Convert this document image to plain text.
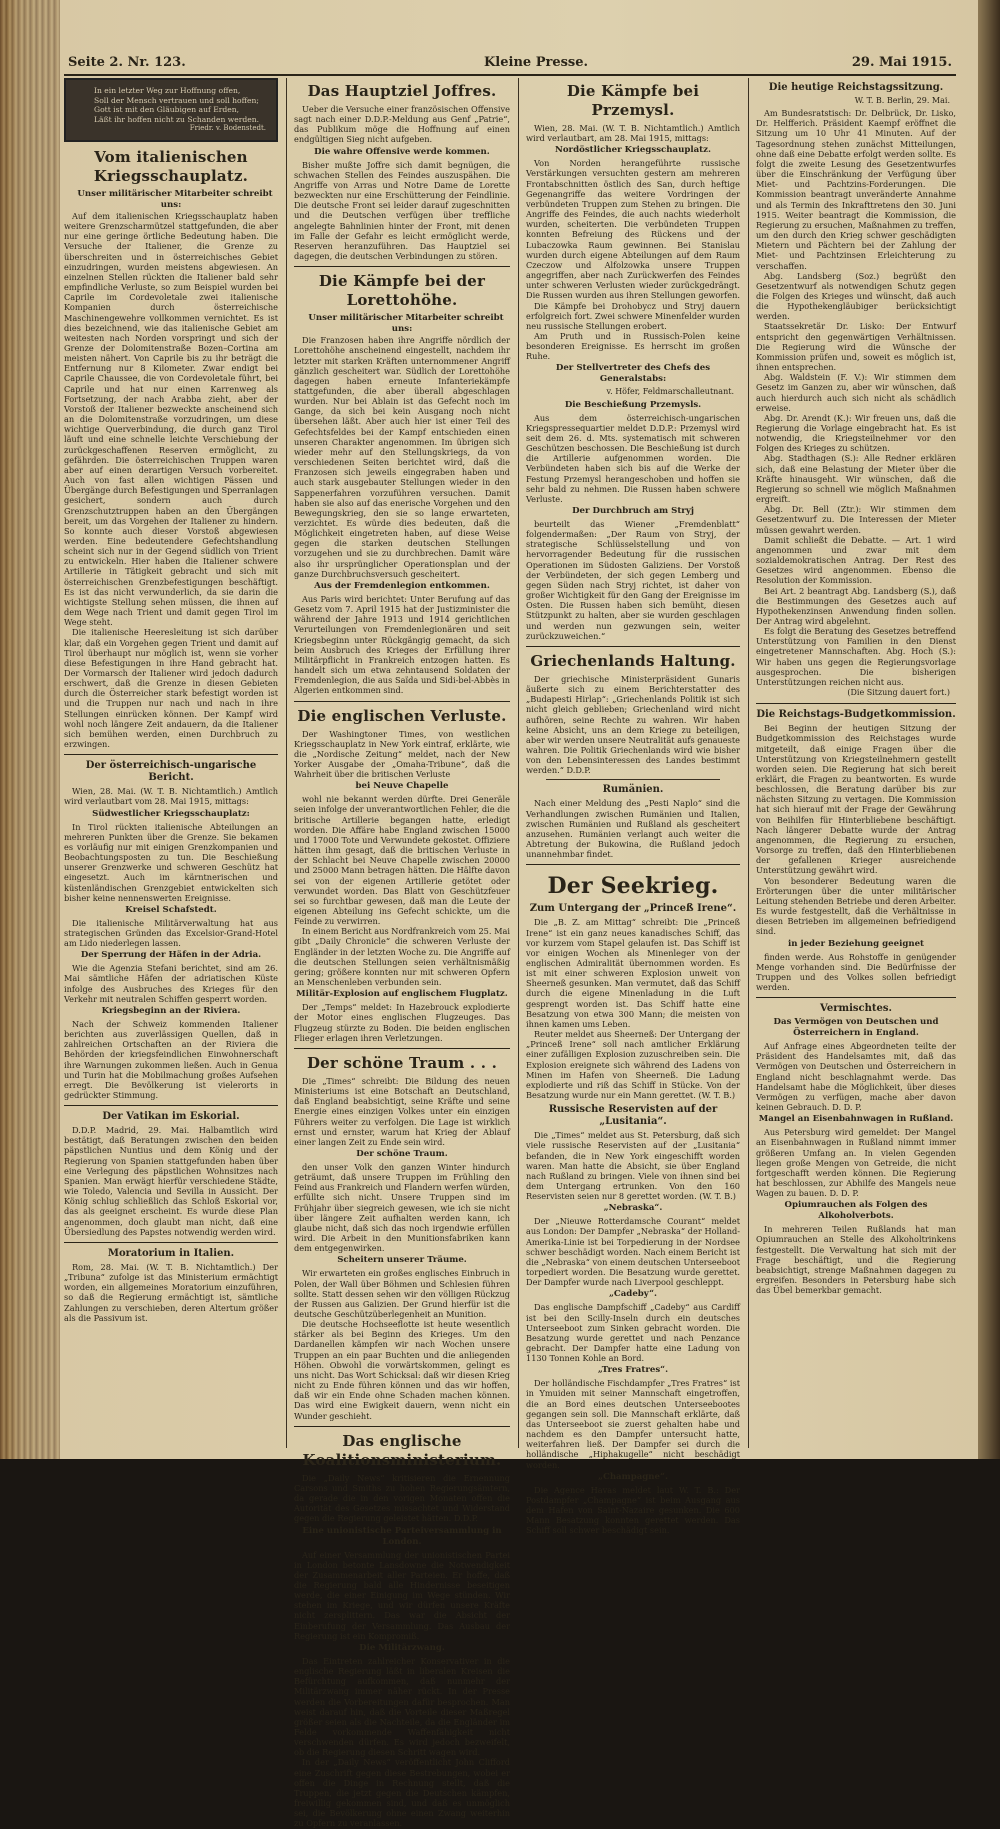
Seite 2. Nr. 123.	Kleine Presse.	29. Mai 1915.
In ein letzter Weg zur Hoffnung offen,
Soll der Mensch vertrauen und soll hoffen;
Gott ist mit den Gläubigen auf Erden,
Läßt ihr hoffen nicht zu Schanden werden.
Friedr. v. Bodenstedt.
Vom italienischen Kriegsschauplatz.

Unser militärischer Mitarbeiter schreibt uns:

Auf dem italienischen Kriegsschauplatz haben weitere Grenzscharmützel stattgefunden, die aber nur eine geringe örtliche Bedeutung haben. Die Versuche der Italiener, die Grenze zu überschreiten und in österreichisches Gebiet einzudringen, wurden meistens abgewiesen. An einzelnen Stellen rückten die Italiener bald sehr empfindliche Verluste, so zum Beispiel wurden bei Caprile im Cordevoletale zwei italienische Kompanien durch österreichische Maschinengewehre vollkommen vernichtet. Es ist dies bezeichnend, wie das italienische Gebiet am weitesten nach Norden vorspringt und sich der Grenze der Dolomitenstraße Bozen–Cortina am meisten nähert. Von Caprile bis zu ihr beträgt die Entfernung nur 8 Kilometer. Zwar endigt bei Caprile Chaussee, die von Cordevoletale führt, bei Caprile und hat nur einen Karrenweg als Fortsetzung, der nach Arabba zieht, aber der Vorstoß der Italiener bezweckte anscheinend sich an die Dolomitenstraße vorzudringen, um diese wichtige Querverbindung, die durch ganz Tirol läuft und eine schnelle leichte Verschiebung der zurückgeschaffenen Reserven ermöglicht, zu gefährden. Die österreichischen Truppen waren aber auf einen derartigen Versuch vorbereitet. Auch von fast allen wichtigen Pässen und Übergänge durch Befestigungen und Sperranlagen gesichert, sondern auch durch Grenzschutztruppen haben an den Übergängen bereit, um das Vorgehen der Italiener zu hindern. So konnte auch dieser Vorstoß abgewiesen werden. Eine bedeutendere Gefechtshandlung scheint sich nur in der Gegend südlich von Trient zu entwickeln. Hier haben die Italiener schwere Artillerie in Tätigkeit gebracht und sich mit österreichischen Grenzbefestigungen beschäftigt. Es ist das nicht verwunderlich, da sie darin die wichtigste Stellung sehen müssen, die ihnen auf dem Wege nach Trient und damit gegen Tirol im Wege steht.

Die italienische Heeresleitung ist sich darüber klar, daß ein Vorgehen gegen Trient und damit auf Tirol überhaupt nur möglich ist, wenn sie vorher diese Befestigungen in ihre Hand gebracht hat. Der Vormarsch der Italiener wird jedoch dadurch erschwert, daß die Grenze in diesen Gebieten durch die Österreicher stark befestigt worden ist und die Truppen nur nach und nach in ihre Stellungen einrücken können. Der Kampf wird wohl noch längere Zeit andauern, da die Italiener sich bemühen werden, einen Durchbruch zu erzwingen.

Der österreichisch-ungarische Bericht.

Wien, 28. Mai. (W. T. B. Nichtamtlich.) Amtlich wird verlautbart vom 28. Mai 1915, mittags:

Südwestlicher Kriegsschauplatz:

In Tirol rückten italienische Abteilungen an mehreren Punkten über die Grenze. Sie bekamen es vorläufig nur mit einigen Grenzkompanien und Beobachtungsposten zu tun. Die Beschießung unserer Grenzwerke und schweren Geschütz hat eingesetzt. Auch im kärntnerischen und küstenländischen Grenzgebiet entwickelten sich bisher keine nennenswerten Ereignisse.

Kreisel Schafstedt.

Die italienische Militärverwaltung hat aus strategischen Gründen das Excelsior-Grand-Hotel am Lido niederlegen lassen.

Der Sperrung der Häfen in der Adria.

Wie die Agenzia Stefani berichtet, sind am 26. Mai sämtliche Häfen der adriatischen Küste infolge des Ausbruches des Krieges für den Verkehr mit neutralen Schiffen gesperrt worden.

Kriegsbeginn an der Riviera.

Nach der Schweiz kommenden Italiener berichten aus zuverlässigen Quellen, daß in zahlreichen Ortschaften an der Riviera die Behörden der kriegsfeindlichen Einwohnerschaft ihre Warnungen zukommen ließen. Auch in Genua und Turin hat die Mobilmachung großes Aufsehen erregt. Die Bevölkerung ist vielerorts in gedrückter Stimmung.

Der Vatikan im Eskorial.

D.D.P. Madrid, 29. Mai. Halbamtlich wird bestätigt, daß Beratungen zwischen den beiden päpstlichen Nuntius und dem König und der Regierung von Spanien stattgefunden haben über eine Verlegung des päpstlichen Wohnsitzes nach Spanien. Man erwägt hierfür verschiedene Städte, wie Toledo, Valencia und Sevilla in Aussicht. Der König schlug schließlich das Schloß Eskorial vor, das als geeignet erscheint. Es wurde diese Plan angenommen, doch glaubt man nicht, daß eine Übersiedlung des Papstes notwendig werden wird.

Moratorium in Italien.

Rom, 28. Mai. (W. T. B. Nichtamtlich.) Der „Tribuna“ zufolge ist das Ministerium ermächtigt worden, ein allgemeines Moratorium einzuführen, so daß die Regierung ermächtigt ist, sämtliche Zahlungen zu verschieben, deren Altertum größer als die Passivum ist.

Das Hauptziel Joffres.

Ueber die Versuche einer französischen Offensive sagt nach einer D.D.P.-Meldung aus Genf „Patrie“, das Publikum möge die Hoffnung auf einen endgültigen Sieg nicht aufgeben.

Die wahre Offensive werde kommen.

Bisher mußte Joffre sich damit begnügen, die schwachen Stellen des Feindes auszuspähen. Die Angriffe von Arras und Notre Dame de Lorette bezweckten nur eine Erschütterung der Feindlinie. Die deutsche Front sei leider darauf zugeschnitten und die Deutschen verfügen über treffliche angelegte Bahnlinien hinter der Front, mit denen im Falle der Gefahr es leicht ermöglicht werde, Reserven heranzuführen. Das Hauptziel sei dagegen, die deutschen Verbindungen zu stören.

Die Kämpfe bei der Lorettohöhe.

Unser militärischer Mitarbeiter schreibt uns:

Die Franzosen haben ihre Angriffe nördlich der Lorettohöhe anscheinend eingestellt, nachdem ihr letzter mit starken Kräften unternommener Angriff gänzlich gescheitert war. Südlich der Lorettohöhe dagegen haben erneute Infanteriekämpfe stattgefunden, die aber überall abgeschlagen wurden. Nur bei Ablain ist das Gefecht noch im Gange, da sich bei kein Ausgang noch nicht übersehen läßt. Aber auch hier ist einer Teil des Gefechtsfeldes bei der Kampf entschieden einen unseren Charakter angenommen. Im übrigen sich wieder mehr auf den Stellungskriegs, da von verschiedenen Seiten berichtet wird, daß die Franzosen sich jeweils eingegraben haben und auch stark ausgebauter Stellungen wieder in den Sappenerfahren vorzuführen versuchen. Damit haben sie also auf das enerische Vorgehen und den Bewegungskrieg, den sie so lange erwarteten, verzichtet. Es würde dies bedeuten, daß die Möglichkeit eingetreten haben, auf diese Weise gegen die starken deutschen Stellungen vorzugehen und sie zu durchbrechen. Damit wäre also ihr ursprünglicher Operationsplan und der ganze Durchbruchsversuch gescheitert.

Aus der Fremdenlegion entkommen.

Aus Paris wird berichtet: Unter Berufung auf das Gesetz vom 7. April 1915 hat der Justizminister die während der Jahre 1913 und 1914 gerichtlichen Verurteilungen von Fremdenlegionären und seit Kriegsbeginn unter Rückgängig gemacht, da sich beim Ausbruch des Krieges der Erfüllung ihrer Militärpflicht in Frankreich entzogen hatten. Es handelt sich um etwa zehntausend Soldaten der Fremdenlegion, die aus Saïda und Sidi-bel-Abbès in Algerien entkommen sind.

Die englischen Verluste.

Der Washingtoner Times, von westlichen Kriegsschauplatz in New York eintraf, erklärte, wie die „Nordische Zeitung“ meldet, nach der New Yorker Ausgabe der „Omaha-Tribune“, daß die Wahrheit über die britischen Verluste

bei Neuve Chapelle

wohl nie bekannt werden dürfte. Drei Generäle seien infolge der unverantwortlichen Fehler, die die britische Artillerie begangen hatte, erledigt worden. Die Affäre habe England zwischen 15000 und 17000 Tote und Verwundete gekostet. Offiziere hätten ihm gesagt, daß die britischen Verluste in der Schlacht bei Neuve Chapelle zwischen 20000 und 25000 Mann betragen hätten. Die Hälfte davon sei von der eigenen Artillerie getötet oder verwundet worden. Das Blatt von Geschützfeuer sei so furchtbar gewesen, daß man die Leute der eigenen Abteilung ins Gefecht schickte, um die Feinde zu verwirren.

In einem Bericht aus Nordfrankreich vom 25. Mai gibt „Daily Chronicle“ die schweren Verluste der Engländer in der letzten Woche zu. Die Angriffe auf die deutschen Stellungen seien verhältnismäßig gering; größere konnten nur mit schweren Opfern an Menschenleben verbunden sein.

Militär-Explosion auf englischem Flugplatz.

Der „Temps“ meldet: In Hazebrouck explodierte der Motor eines englischen Flugzeuges. Das Flugzeug stürzte zu Boden. Die beiden englischen Flieger erlagen ihren Verletzungen.

Der schöne Traum . . .

Die „Times“ schreibt: Die Bildung des neuen Ministeriums ist eine Botschaft an Deutschland, daß England beabsichtigt, seine Kräfte und seine Energie eines einzigen Volkes unter ein einzigen Führers weiter zu verfolgen. Die Lage ist wirklich ernst und ernster, warum hat Krieg der Ablauf einer langen Zeit zu Ende sein wird.

Der schöne Traum.

den unser Volk den ganzen Winter hindurch geträumt, daß unsere Truppen im Frühling den Feind aus Frankreich und Flandern werfen würden, erfüllte sich nicht. Unsere Truppen sind im Frühjahr über siegreich gewesen, wie ich sie nicht über längere Zeit aufhalten werden kann, ich glaube nicht, daß sich das noch irgendwie erfüllen wird. Die Arbeit in den Munitionsfabriken kann dem entgegenwirken.

Scheitern unserer Träume.

Wir erwarteten ein großes englisches Einbruch in Polen, der Wall über Böhmen und Schlesien führen sollte. Statt dessen sehen wir den völligen Rückzug der Russen aus Galizien. Der Grund hierfür ist die deutsche Geschützüberlegenheit an Munition.

Die deutsche Hochseeflotte ist heute wesentlich stärker als bei Beginn des Krieges. Um den Dardanellen kämpfen wir nach Wochen unsere Truppen an ein paar Buchten und die anliegenden Höhen. Obwohl die vorwärtskommen, gelingt es uns nicht. Das Wort Schicksal: daß wir diesen Krieg nicht zu Ende führen können und das wir hoffen, daß wir ein Ende ohne Schaden machen können. Das wird eine Ewigkeit dauern, wenn nicht ein Wunder geschieht.

Das englische Koalitionsministerium.

Die „Daily News“ kritisieren die Ernennung Carsons und Smiths zu hohen Regierungsämtern, da gerade die in den vorigen Monaten offen die Autorität des Gesetzes missachtet und Widerstand gegen die Regierung geleistet hätten. D.D.P.

Eine unionistische Parteiversammlung in London.

Auf einer Versammlung der unionistischen Partei in London betonte Lansdowne die Notwendigkeit der Zusammenarbeit aller Parteien. Er hoffe, daß die Regierung bald alle Hindernisse beseitigen werde, die einer Einigung im Wege stünden. Wir stehen im Kriege, und wir dürfen unsere Kräfte nicht zersplittern. Das war die Absicht der Einberufung der Versammlung. Das Ausbau der Regierung ist ein Kompromiß.

Die Militärzwang.

Das Eintreten zahlreicher Konservativer in die englische Regierung läßt in liberalen Kreisen die Befürchtung aufkommen, daß nunmehr der Militärzwang immer näher rückt. In der Presse werden die Vorbereitungen dafür besprochen. Man weist darauf hin, daß die Vorteile dieser Maßregel größer seien als die Nachteile, da die Engländer im Felde vorkommende Waffenfähigkeit nicht verschwenden dürfen. Es wird jedoch bezweifelt, ob die Regierung diesen Schritt wagen wird.

In der „Daily News“ veröffentlicht John Clifford eine Zuschrift gegen diese Bestrebungen, wobei er offen die Dinge in Rechnung stellt, daß die Truppen, die jetzt gegen die Deutschen kämpfen, freiwillig gekommen sind, und daß es unmöglich sei, die Bevölkerung ohne einen Zwang weiterhin zu Opfern zu veranlassen.

Die Kämpfe bei Przemysl.

Wien, 28. Mai. (W. T. B. Nichtamtlich.) Amtlich wird verlautbart, am 28. Mai 1915, mittags:

Nordöstlicher Kriegsschauplatz.

Von Norden herangeführte russische Verstärkungen versuchten gestern am mehreren Frontabschnitten östlich des San, durch heftige Gegenangriffe das weitere Vordringen der verbündeten Truppen zum Stehen zu bringen. Die Angriffe des Feindes, die auch nachts wiederholt wurden, scheiterten. Die verbündeten Truppen konnten Befreiung des Rückens und der Lubaczowka Raum gewinnen. Bei Stanislau wurden durch eigene Abteilungen auf dem Raum Czeczow und Alfolzowka unsere Truppen angegriffen, aber nach Zurückwerfen des Feindes unter schweren Verlusten wieder zurückgedrängt. Die Russen wurden aus ihren Stellungen geworfen.

Die Kämpfe bei Drohobycz und Stryj dauern erfolgreich fort. Zwei schwere Minenfelder wurden neu russische Stellungen erobert.

Am Pruth und in Russisch-Polen keine besonderen Ereignisse. Es herrscht im großen Ruhe.

Der Stellvertreter des Chefs des Generalstabs:
v. Höfer, Feldmarschalleutnant.
Die Beschießung Przemysls.

Aus dem österreichisch-ungarischen Kriegspressequartier meldet D.D.P.: Przemysl wird seit dem 26. d. Mts. systematisch mit schweren Geschützen beschossen. Die Beschießung ist durch die Artillerie aufgenommen worden. Die Verbündeten haben sich bis auf die Werke der Festung Przemysl herangeschoben und hoffen sie sehr bald zu nehmen. Die Russen haben schwere Verluste.

Der Durchbruch am Stryj

beurteilt das Wiener „Fremdenblatt“ folgendermaßen: „Der Raum von Stryj, der strategische Schlüsselstellung und von hervorragender Bedeutung für die russischen Operationen im Südosten Galiziens. Der Vorstoß der Verbündeten, der sich gegen Lemberg und gegen Süden nach Stryj richtet, ist daher von großer Wichtigkeit für den Gang der Ereignisse im Osten. Die Russen haben sich bemüht, diesen Stützpunkt zu halten, aber sie wurden geschlagen und werden nun gezwungen sein, weiter zurückzuweichen.“

Griechenlands Haltung.

Der griechische Ministerpräsident Gunaris äußerte sich zu einem Berichterstatter des „Budapesti Hirlap“: „Griechenlands Politik ist sich nicht gleich geblieben; Griechenland wird nicht aufhören, seine Rechte zu wahren. Wir haben keine Absicht, uns an dem Kriege zu beteiligen, aber wir werden unsere Neutralität aufs genaueste wahren. Die Politik Griechenlands wird wie bisher von den Lebensinteressen des Landes bestimmt werden.“ D.D.P.

Rumänien.

Nach einer Meldung des „Pesti Naplo“ sind die Verhandlungen zwischen Rumänien und Italien, zwischen Rumänien und Rußland als gescheitert anzusehen. Rumänien verlangt auch weiter die Abtretung der Bukowina, die Rußland jedoch unannehmbar findet.

Der Seekrieg.
Zum Untergang der „Princeß Irene“.

Die „B. Z. am Mittag“ schreibt: Die „Princeß Irene“ ist ein ganz neues kanadisches Schiff, das vor kurzem vom Stapel gelaufen ist. Das Schiff ist vor einigen Wochen als Minenleger von der englischen Admiralität übernommen worden. Es ist mit einer schweren Explosion unweit von Sheerneß gesunken. Man vermutet, daß das Schiff durch die eigene Minenladung in die Luft gesprengt worden ist. Das Schiff hatte eine Besatzung von etwa 300 Mann; die meisten von ihnen kamen ums Leben.

Reuter meldet aus Sheerneß: Der Untergang der „Princeß Irene“ soll nach amtlicher Erklärung einer zufälligen Explosion zuzuschreiben sein. Die Explosion ereignete sich während des Ladens von Minen im Hafen von Sheerneß. Die Ladung explodierte und riß das Schiff in Stücke. Von der Besatzung wurde nur ein Mann gerettet. (W. T. B.)

Russische Reservisten auf der „Lusitania“.

Die „Times“ meldet aus St. Petersburg, daß sich viele russische Reservisten auf der „Lusitania“ befanden, die in New York eingeschifft worden waren. Man hatte die Absicht, sie über England nach Rußland zu bringen. Viele von ihnen sind bei dem Untergang ertrunken. Von den 160 Reservisten seien nur 8 gerettet worden. (W. T. B.)

„Nebraska“.

Der „Nieuwe Rotterdamsche Courant“ meldet aus London: Der Dampfer „Nebraska“ der Holland-Amerika-Linie ist bei Torpedierung in der Nordsee schwer beschädigt worden. Nach einem Bericht ist die „Nebraska“ von einem deutschen Unterseeboot torpediert worden. Die Besatzung wurde gerettet. Der Dampfer wurde nach Liverpool geschleppt.

„Cadeby“.

Das englische Dampfschiff „Cadeby“ aus Cardiff ist bei den Scilly-Inseln durch ein deutsches Unterseeboot zum Sinken gebracht worden. Die Besatzung wurde gerettet und nach Penzance gebracht. Der Dampfer hatte eine Ladung von 1130 Tonnen Kohle an Bord.

„Tres Fratres“.

Der holländische Fischdampfer „Tres Fratres“ ist in Ymuiden mit seiner Mannschaft eingetroffen, die an Bord eines deutschen Unterseebootes gegangen sein soll. Die Mannschaft erklärte, daß das Unterseeboot sie zuerst gehalten habe und nachdem es den Dampfer untersucht hatte, weiterfahren ließ. Der Dampfer sei durch die holländische „Hiphakugelle“ nicht beschädigt worden.

„Champagne“.

Die Agence Havas meldet laut W. T. B.: Der Postdampfer „Champagne“ ist beim Ausgang aus dem Hafen von Saint-Nazaire gesunken. Die 600 Mann Besatzung konnten gerettet werden. Das Schiff soll schwer beschädigt sein.

Die heutige Reichstagssitzung.
W. T. B. Berlin, 29. Mai.

Am Bundesratstisch: Dr. Delbrück, Dr. Lisko, Dr. Helfferich. Präsident Kaempf eröffnet die Sitzung um 10 Uhr 41 Minuten. Auf der Tagesordnung stehen zunächst Mitteilungen, ohne daß eine Debatte erfolgt werden sollte. Es folgt die zweite Lesung des Gesetzentwurfes über die Einschränkung der Verfügung über Miet- und Pachtzins-Forderungen. Die Kommission beantragt unveränderte Annahme und als Termin des Inkrafttretens den 30. Juni 1915. Weiter beantragt die Kommission, die Regierung zu ersuchen, Maßnahmen zu treffen, um den durch den Krieg schwer geschädigten Mietern und Pächtern bei der Zahlung der Miet- und Pachtzinsen Erleichterung zu verschaffen.

Abg. Landsberg (Soz.) begrüßt den Gesetzentwurf als notwendigen Schutz gegen die Folgen des Krieges und wünscht, daß auch die Hypothekengläubiger berücksichtigt werden.

Staatssekretär Dr. Lisko: Der Entwurf entspricht den gegenwärtigen Verhältnissen. Die Regierung wird die Wünsche der Kommission prüfen und, soweit es möglich ist, ihnen entsprechen.

Abg. Waldstein (F. V.): Wir stimmen dem Gesetz im Ganzen zu, aber wir wünschen, daß auch hierdurch auch sich nicht als schädlich erweise.

Abg. Dr. Arendt (K.): Wir freuen uns, daß die Regierung die Vorlage eingebracht hat. Es ist notwendig, die Kriegsteilnehmer vor den Folgen des Krieges zu schützen.

Abg. Stadthagen (S.): Alle Redner erklären sich, daß eine Belastung der Mieter über die Kräfte hinausgeht. Wir wünschen, daß die Regierung so schnell wie möglich Maßnahmen ergreift.

Abg. Dr. Bell (Ztr.): Wir stimmen dem Gesetzentwurf zu. Die Interessen der Mieter müssen gewahrt werden.

Damit schließt die Debatte. — Art. 1 wird angenommen und zwar mit dem sozialdemokratischen Antrag. Der Rest des Gesetzes wird angenommen. Ebenso die Resolution der Kommission.

Bei Art. 2 beantragt Abg. Landsberg (S.), daß die Bestimmungen des Gesetzes auch auf Hypothekenzinsen Anwendung finden sollen. Der Antrag wird abgelehnt.

Es folgt die Beratung des Gesetzes betreffend Unterstützung von Familien in den Dienst eingetretener Mannschaften. Abg. Hoch (S.): Wir haben uns gegen die Regierungsvorlage ausgesprochen. Die bisherigen Unterstützungen reichen nicht aus.

(Die Sitzung dauert fort.)
Die Reichstags-Budgetkommission.

Bei Beginn der heutigen Sitzung der Budgetkommission des Reichstages wurde mitgeteilt, daß einige Fragen über die Unterstützung von Kriegsteilnehmern gestellt worden seien. Die Regierung hat sich bereit erklärt, die Fragen zu beantworten. Es wurde beschlossen, die Beratung darüber bis zur nächsten Sitzung zu vertagen. Die Kommission hat sich hierauf mit der Frage der Gewährung von Beihilfen für Hinterbliebene beschäftigt. Nach längerer Debatte wurde der Antrag angenommen, die Regierung zu ersuchen, Vorsorge zu treffen, daß den Hinterbliebenen der gefallenen Krieger ausreichende Unterstützung gewährt wird.

Von besonderer Bedeutung waren die Erörterungen über die unter militärischer Leitung stehenden Betriebe und deren Arbeiter. Es wurde festgestellt, daß die Verhältnisse in diesen Betrieben im allgemeinen befriedigend sind.

in jeder Beziehung geeignet

finden werde. Aus Rohstoffe in genügender Menge vorhanden sind. Die Bedürfnisse der Truppen und des Volkes sollen befriedigt werden.

Vermischtes.
Das Vermögen von Deutschen und Österreichern in England.

Auf Anfrage eines Abgeordneten teilte der Präsident des Handelsamtes mit, daß das Vermögen von Deutschen und Österreichern in England nicht beschlagnahmt werde. Das Handelsamt habe die Möglichkeit, über dieses Vermögen zu verfügen, mache aber davon keinen Gebrauch. D. D. P.

Mangel an Eisenbahnwagen in Rußland.

Aus Petersburg wird gemeldet: Der Mangel an Eisenbahnwagen in Rußland nimmt immer größeren Umfang an. In vielen Gegenden liegen große Mengen von Getreide, die nicht fortgeschafft werden können. Die Regierung hat beschlossen, zur Abhilfe des Mangels neue Wagen zu bauen. D. D. P.

Opiumrauchen als Folgen des Alkoholverbots.

In mehreren Teilen Rußlands hat man Opiumrauchen an Stelle des Alkoholtrinkens festgestellt. Die Verwaltung hat sich mit der Frage beschäftigt, und die Regierung beabsichtigt, strenge Maßnahmen dagegen zu ergreifen. Besonders in Petersburg habe sich das Übel bemerkbar gemacht.
